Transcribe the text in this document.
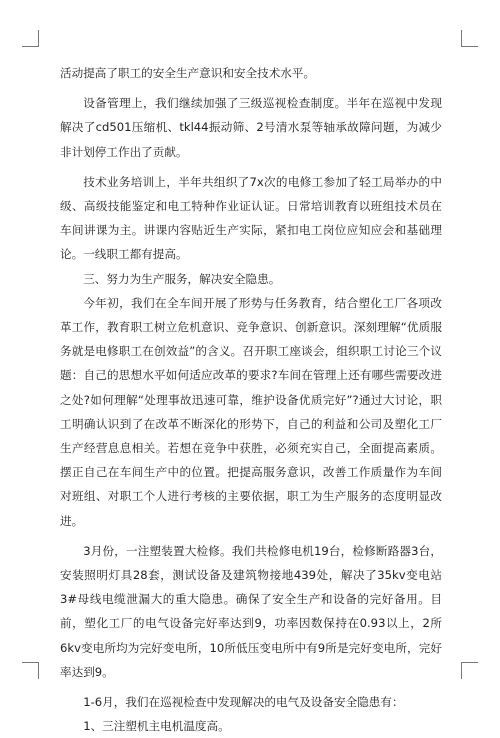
活动提高了职工的安全生产意识和安全技术水平。

设备管理上，我们继续加强了三级巡视检查制度。半年在巡视中发现解决了cd501压缩机、tkl44振动筛、2号清水泵等轴承故障问题，为减少非计划停工作出了贡献。

技术业务培训上，半年共组织了7x次的电修工参加了轻工局举办的中级、高级技能鉴定和电工特种作业证认证。日常培训教育以班组技术员在车间讲课为主。讲课内容贴近生产实际，紧扣电工岗位应知应会和基础理论。一线职工都有提高。

三、努力为生产服务，解决安全隐患。

今年初，我们在全车间开展了形势与任务教育，结合塑化工厂各项改革工作，教育职工树立危机意识、竞争意识、创新意识。深刻理解“优质服务就是电修职工在创效益”的含义。召开职工座谈会，组织职工讨论三个议题：自己的思想水平如何适应改革的要求?车间在管理上还有哪些需要改进之处?如何理解“处理事故迅速可靠，维护设备优质完好”?通过大讨论，职工明确认识到了在改革不断深化的形势下，自己的利益和公司及塑化工厂生产经营息息相关。若想在竞争中获胜，必须充实自己，全面提高素质。摆正自己在车间生产中的位置。把提高服务意识，改善工作质量作为车间对班组、对职工个人进行考核的主要依据，职工为生产服务的态度明显改进。

3月份，一注塑装置大检修。我们共检修电机19台，检修断路器3台，安装照明灯具28套，测试设备及建筑物接地439处，解决了35kv变电站3#母线电缆泄漏大的重大隐患。确保了安全生产和设备的完好备用。目前，塑化工厂的电气设备完好率达到9，功率因数保持在0.93以上，2所6kv变电所均为完好变电所，10所低压变电所中有9所是完好变电所，完好率达到9。

1-6月，我们在巡视检查中发现解决的电气及设备安全隐患有：

1、三注塑机主电机温度高。
